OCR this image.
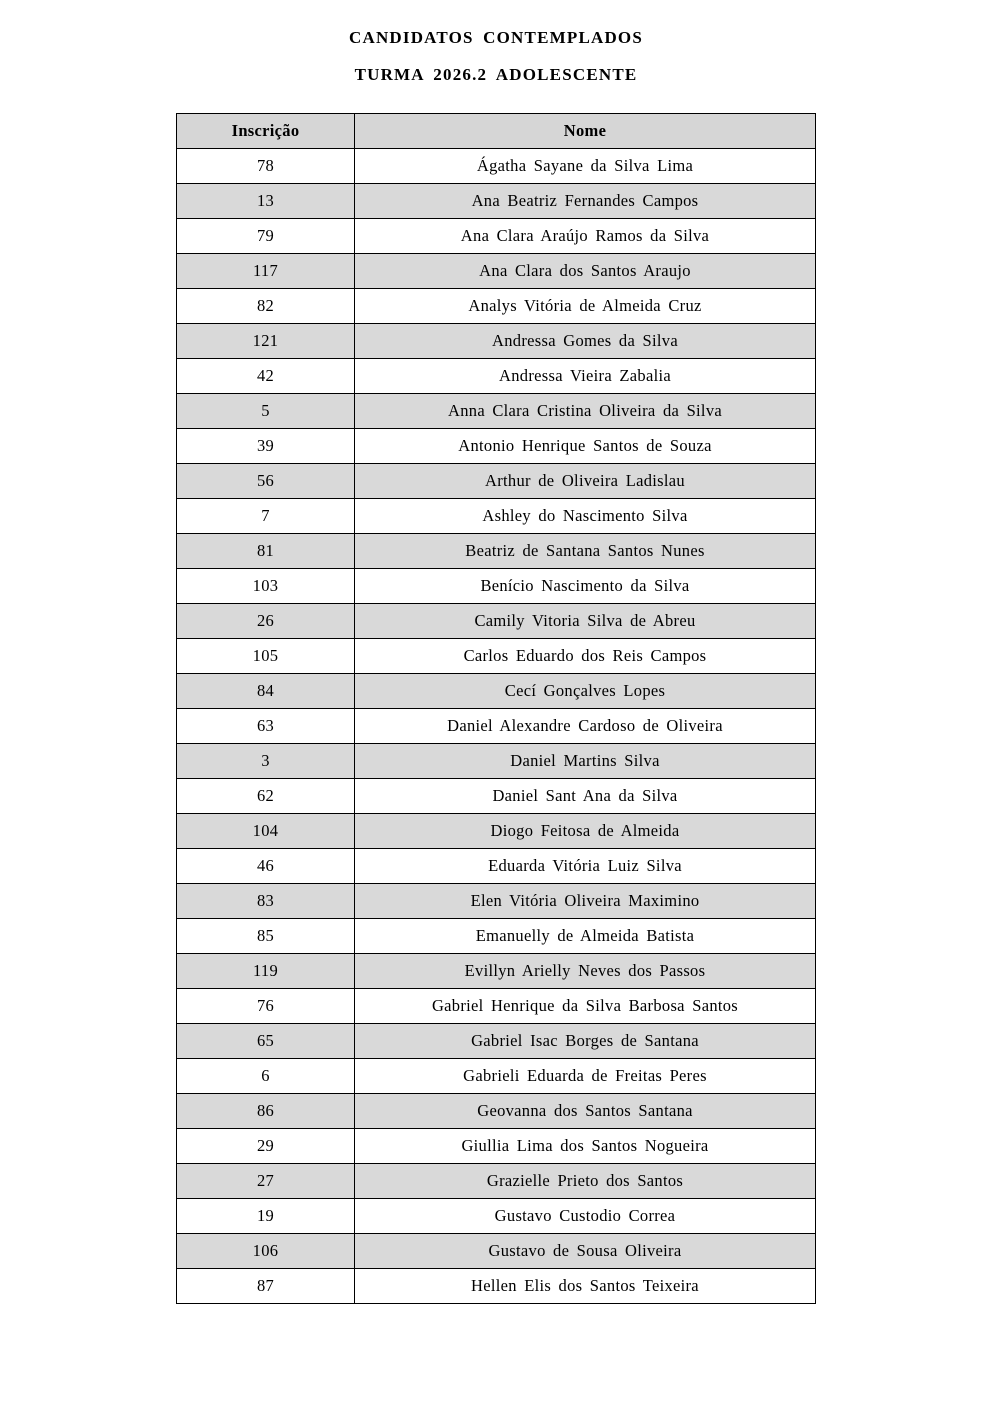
CANDIDATOS CONTEMPLADOS
TURMA 2026.2 ADOLESCENTE
Inscrição	Nome
78	Ágatha Sayane da Silva Lima
13	Ana Beatriz Fernandes Campos
79	Ana Clara Araújo Ramos da Silva
117	Ana Clara dos Santos Araujo
82	Analys Vitória de Almeida Cruz
121	Andressa Gomes da Silva
42	Andressa Vieira Zabalia
5	Anna Clara Cristina Oliveira da Silva
39	Antonio Henrique Santos de Souza
56	Arthur de Oliveira Ladislau
7	Ashley do Nascimento Silva
81	Beatriz de Santana Santos Nunes
103	Benício Nascimento da Silva
26	Camily Vitoria Silva de Abreu
105	Carlos Eduardo dos Reis Campos
84	Cecí Gonçalves Lopes
63	Daniel Alexandre Cardoso de Oliveira
3	Daniel Martins Silva
62	Daniel Sant Ana da Silva
104	Diogo Feitosa de Almeida
46	Eduarda Vitória Luiz Silva
83	Elen Vitória Oliveira Maximino
85	Emanuelly de Almeida Batista
119	Evillyn Arielly Neves dos Passos
76	Gabriel Henrique da Silva Barbosa Santos
65	Gabriel Isac Borges de Santana
6	Gabrieli Eduarda de Freitas Peres
86	Geovanna dos Santos Santana
29	Giullia Lima dos Santos Nogueira
27	Grazielle Prieto dos Santos
19	Gustavo Custodio Correa
106	Gustavo de Sousa Oliveira
87	Hellen Elis dos Santos Teixeira
